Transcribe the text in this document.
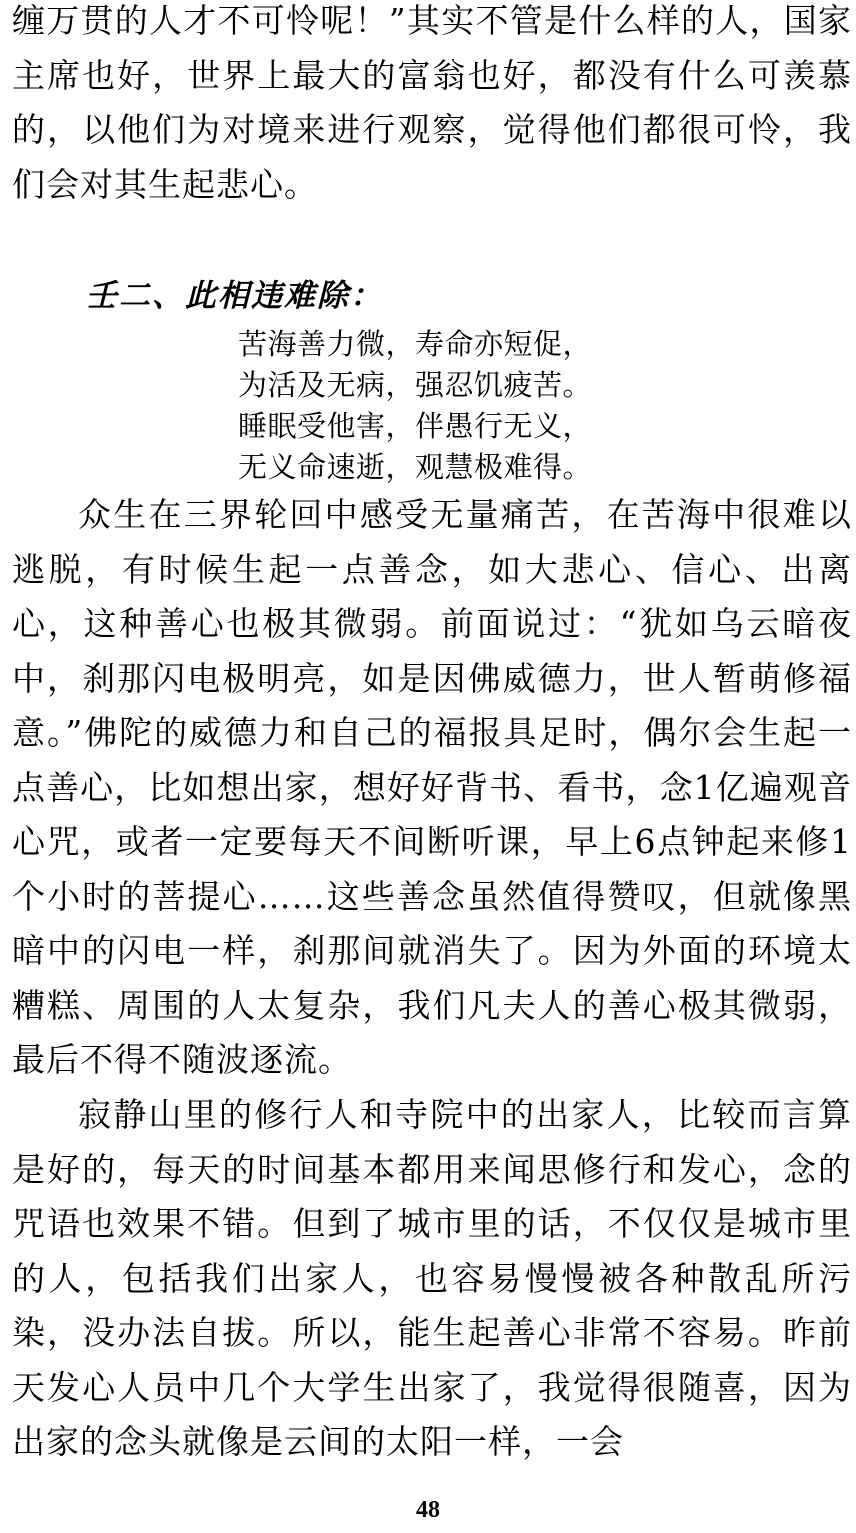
缠万贯的人才不可怜呢！”其实不管是什么样的人，国家主席也好，世界上最大的富翁也好，都没有什么可羡慕的，以他们为对境来进行观察，觉得他们都很可怜，我们会对其生起悲心。

壬二、此相违难除：
苦海善力微，寿命亦短促，
为活及无病，强忍饥疲苦。
睡眠受他害，伴愚行无义，
无义命速逝，观慧极难得。

众生在三界轮回中感受无量痛苦，在苦海中很难以逃脱，有时候生起一点善念，如大悲心、信心、出离心，这种善心也极其微弱。前面说过：“犹如乌云暗夜中，刹那闪电极明亮，如是因佛威德力，世人暂萌修福意。”佛陀的威德力和自己的福报具足时，偶尔会生起一点善心，比如想出家，想好好背书、看书，念1亿遍观音心咒，或者一定要每天不间断听课，早上6点钟起来修1个小时的菩提心……这些善念虽然值得赞叹，但就像黑暗中的闪电一样，刹那间就消失了。因为外面的环境太糟糕、周围的人太复杂，我们凡夫人的善心极其微弱，最后不得不随波逐流。

寂静山里的修行人和寺院中的出家人，比较而言算是好的，每天的时间基本都用来闻思修行和发心，念的咒语也效果不错。但到了城市里的话，不仅仅是城市里的人，包括我们出家人，也容易慢慢被各种散乱所污染，没办法自拔。所以，能生起善心非常不容易。昨前天发心人员中几个大学生出家了，我觉得很随喜，因为出家的念头就像是云间的太阳一样，一会

48
